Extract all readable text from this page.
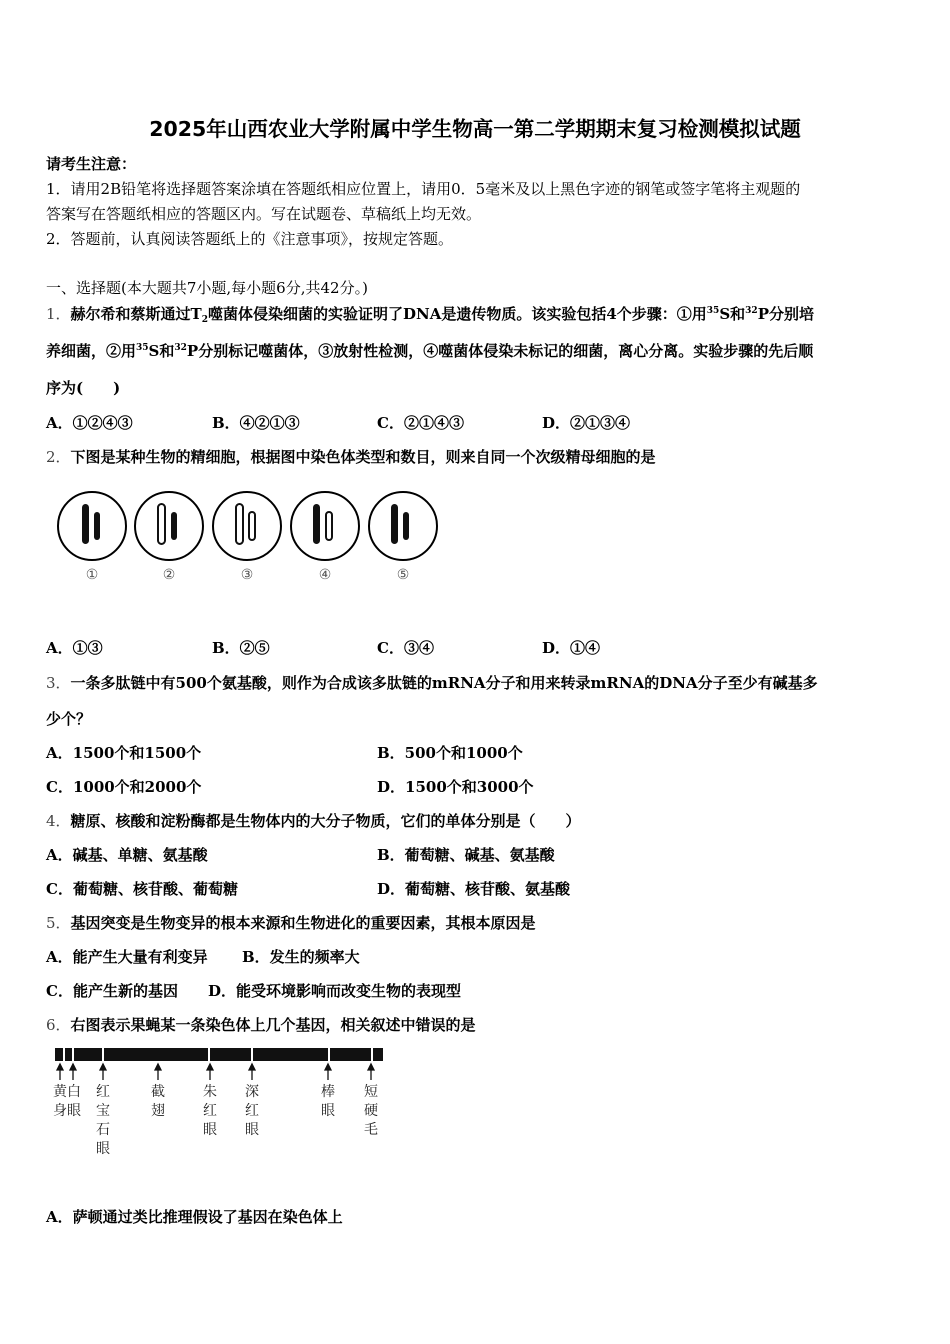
2025年山西农业大学附属中学生物高一第二学期期末复习检测模拟试题
请考生注意：
1．请用2B铅笔将选择题答案涂填在答题纸相应位置上，请用0．5毫米及以上黑色字迹的钢笔或签字笔将主观题的
答案写在答题纸相应的答题区内。写在试题卷、草稿纸上均无效。
2．答题前，认真阅读答题纸上的《注意事项》，按规定答题。
一、选择题(本大题共7小题,每小题6分,共42分。)
1．赫尔希和蔡斯通过$T_2$噬菌体侵染细菌的实验证明了DNA是遗传物质。该实验包括4个步骤：①用$^{35}$S和$^{32}$P分别培
养细菌，②用$^{35}$S和$^{32}$P分别标记噬菌体，③放射性检测，④噬菌体侵染未标记的细菌，离心分离。实验步骤的先后顺
序为(　　)
A．①②④③	B．④②①③	C．②①④③	D．②①③④
2．下图是某种生物的精细胞，根据图中染色体类型和数目，则来自同一个次级精母细胞的是
①	②	③	④	⑤
A．①③	B．②⑤	C．③④	D．①④
3．一条多肽链中有500个氨基酸，则作为合成该多肽链的mRNA分子和用来转录mRNA的DNA分子至少有碱基多
少个？
A．1500个和1500个	B．500个和1000个
C．1000个和2000个	D．1500个和3000个
4．糖原、核酸和淀粉酶都是生物体内的大分子物质，它们的单体分别是（　　）
A．碱基、单糖、氨基酸	B．葡萄糖、碱基、氨基酸
C．葡萄糖、核苷酸、葡萄糖	D．葡萄糖、核苷酸、氨基酸
5．基因突变是生物变异的根本来源和生物进化的重要因素，其根本原因是
A．能产生大量有利变异 B．发生的频率大
C．能产生新的基因 D．能受环境影响而改变生物的表现型
6．右图表示果蝇某一条染色体上几个基因，相关叙述中错误的是
黄
身
白
眼
红
宝
石
眼
截
翅
朱
红
眼
深
红
眼
棒
眼
短
硬
毛
A．萨顿通过类比推理假设了基因在染色体上
